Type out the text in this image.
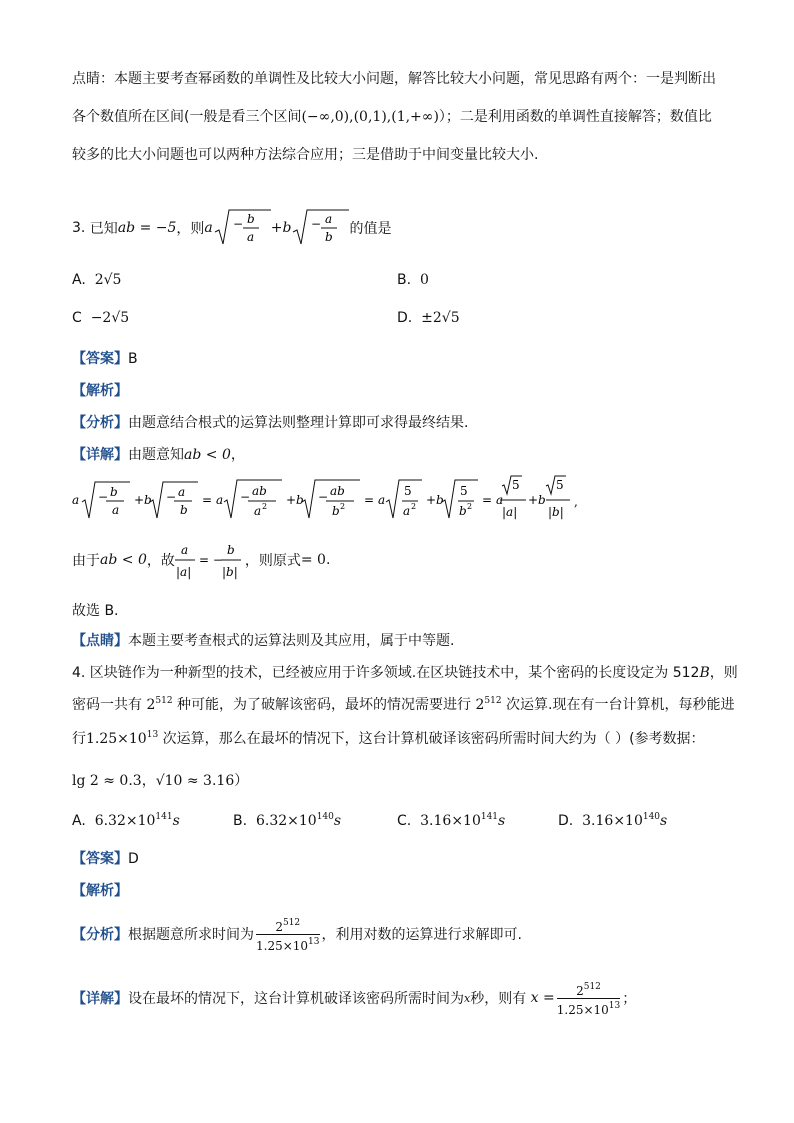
点睛：本题主要考查幂函数的单调性及比较大小问题，解答比较大小问题，常见思路有两个：一是判断出
各个数值所在区间(一般是看三个区间(−∞,0),(0,1),(1,+∞)）；二是利用函数的单调性直接解答；数值比
较多的比大小问题也可以两种方法综合应用；三是借助于中间变量比较大小.
3.
已知 ab = −5 ，则 a − b
a
+b − a
b 的值是
A. 2√5	B. 0
C −2√5	D. ±2√5
【答案】B
【解析】
【分析】由题意结合根式的运算法则整理计算即可求得最终结果.
【详解】由题意知ab < 0，
a − b
a
+b − a
b
= a − ab
a 2 +b − ab
b 2 = a
5
a 2 +b
5
b 2 = a
5
|a|
+b
5
|b|
,
由于 ab < 0 ，故
a
|a|
= −
b
|b|
，则原式 = 0 .
故选 B.
【点睛】本题主要考查根式的运算法则及其应用，属于中等题.
4. 区块链作为一种新型的技术，已经被应用于许多领域.在区块链技术中，某个密码的长度设定为 512B，则
密码一共有 $2^{512}$ 种可能，为了破解该密码，最坏的情况需要进行 $2^{512}$ 次运算.现在有一台计算机，每秒能进
行$1.25\times 10^{13}$ 次运算，那么在最坏的情况下，这台计算机破译该密码所需时间大约为（ ）(参考数据：
lg 2 ≈ 0.3，√10 ≈ 3.16）
A. $6.32\times 10^{141}s$	B. $6.32\times 10^{140}s$	C. $3.16\times 10^{141}s$	D. $3.16\times 10^{140}s$
【答案】D
【解析】
【分析】 根据题意所求时间为 $\frac{2^{512}}{1.25\times 10^{13}}$ ，利用对数的运算进行求解即可.
【详解】 设在最坏的情况下，这台计算机破译该密码所需时间为 x 秒，则有
$x = \frac{2^{512}}{1.25\times 10^{13}}$ ；
